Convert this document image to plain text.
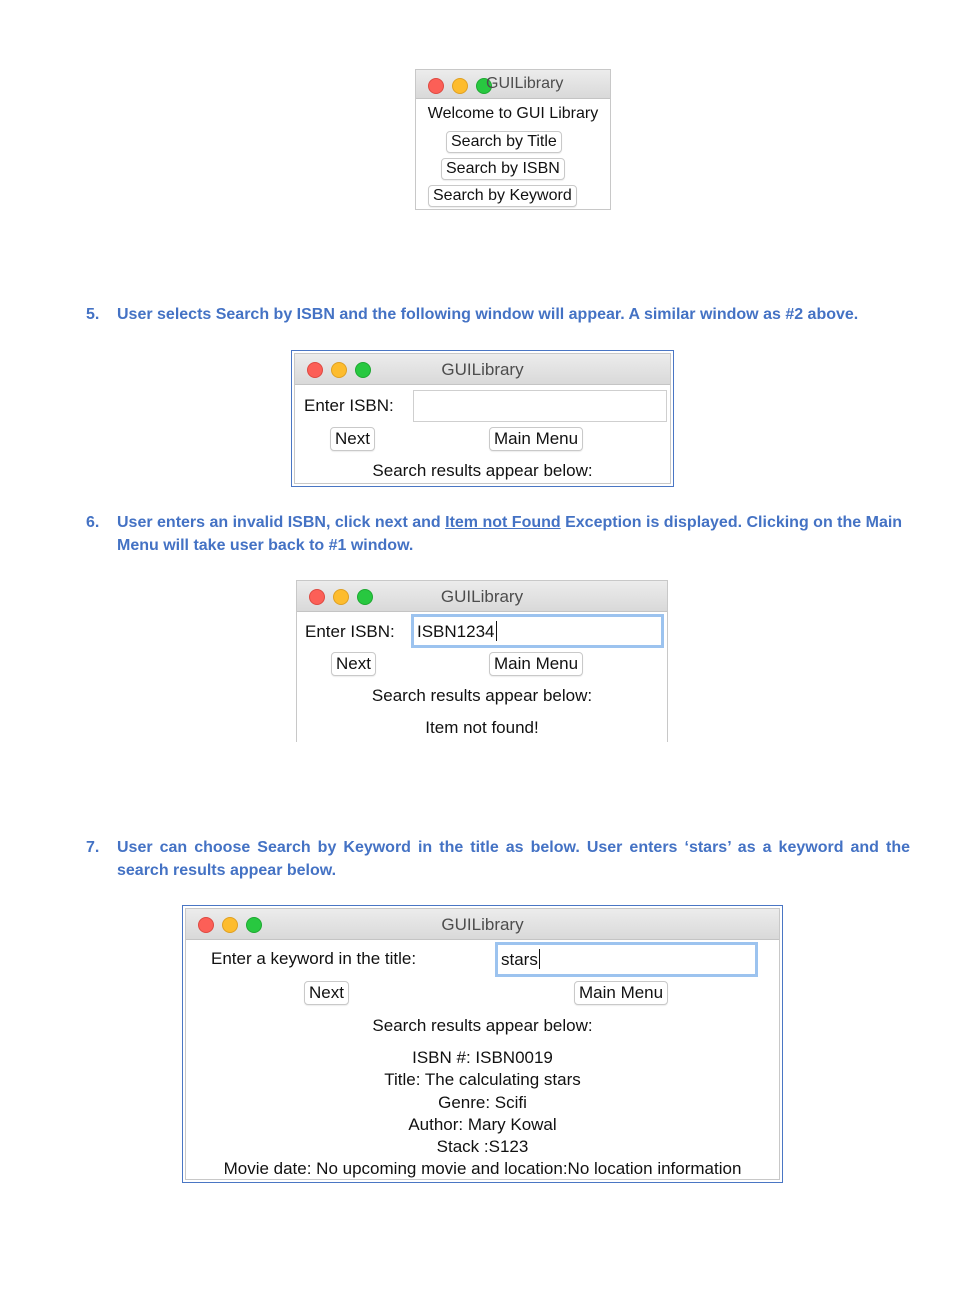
GUILibrary
Welcome to GUI Library
Search by Title
Search by ISBN
Search by Keyword
5. User selects Search by ISBN and the following window will appear. A similar window as #2 above.
GUILibrary
Enter ISBN:
Next	Main Menu
Search results appear below:
6. User enters an invalid ISBN, click next and Item not Found Exception is displayed. Clicking on the Main Menu will take user back to #1 window.
GUILibrary
Enter ISBN:	ISBN1234
Next	Main Menu
Search results appear below:
Item not found!
7. User can choose Search by Keyword in the title as below. User enters ‘stars’ as a keyword and the search results appear below.
GUILibrary
Enter a keyword in the title:	stars
Next	Main Menu
Search results appear below:
ISBN #: ISBN0019
Title: The calculating stars
Genre: Scifi
Author: Mary Kowal
Stack :S123
Movie date: No upcoming movie and location:No location information
